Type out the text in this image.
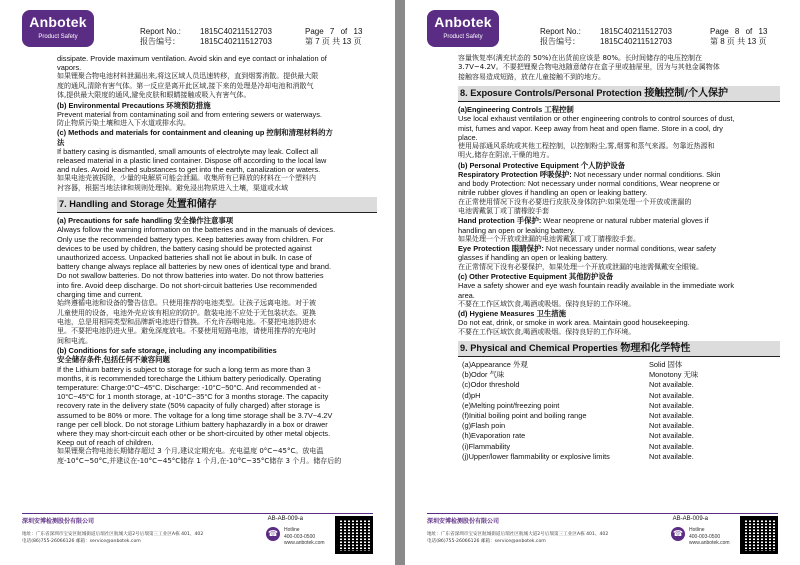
Anbotek
Product Safety
Report No.: 1815C40211512703
报告编号：	1815C40211512703
Page 7 of 13
第 7 页 共 13 页

dissipate. Provide maximum ventilation. Avoid skin and eye contact or inhalation of

vapors.

如果锂聚合物电池材料泄漏出来,将这区域人员迅速转移，直到烟雾消散。提供最大限

度的通风,清除有害气体。第一反应是离开此区域,接下来的处理是冷却电池和消散气

体,提供最大限度的通风,避免皮肤和眼睛接触或吸入有害气体。

(b) Environmental Precautions 环境预防措施

Prevent material from contaminating soil and from entering sewers or waterways.

防止物质污染土壤和进入下水道或排水沟。

(c) Methods and materials for containment and cleaning up 控制和清理材料的方

法

If battery casing is dismantled, small amounts of electrolyte may leak. Collect all

released material in a plastic lined container. Dispose off according to the local law

and rules. Avoid leached substances to get into the earth, canalization or waters.

如果电池壳被拆除，少量的电解质可能会泄漏。收集所有已释放的材料在一个塑料内

衬容器，根据当地法律和规则处理掉。避免浸出物质进入土壤，渠道或水域

7. Handling and Storage 处置和储存

(a) Precautions for safe handling 安全操作注意事项

Always follow the warning information on the batteries and in the manuals of devices.

Only use the recommended battery types. Keep batteries away from children. For

devices to be used by children, the battery casing should be protected against

unauthorized access. Unpacked batteries shall not lie about in bulk. In case of

battery change always replace all batteries by new ones of identical type and brand.

Do not swallow batteries. Do not throw batteries into water. Do not throw batteries

into fire. Avoid deep discharge. Do not short-circuit batteries Use recommended

charging time and current.

始终遵循电池和设备的警告信息。只使用推荐的电池类型。让孩子远离电池。对于被

儿童使用的设备，电池外壳应该有相应的防护。散装电池不应处于无包装状态。更换

电池，总是用相同类型和品牌新电池进行替换。不允许吞咽电池。不要把电池扔进水

里。不要把电池扔进火里。避免深度放电。不要使用短路电池，请使用推荐的充电时

间和电流。

(b) Conditions for safe storage, including any incompatibilities

安全储存条件,包括任何不兼容问题

If the Lithium battery is subject to storage for such a long term as more than 3

months, it is recommended torecharge the Lithium battery periodically. Operating

temperature: Charge:0°C~45°C. Discharge: -10°C~50°C. And recommended at -

10°C~45°C for 1 month storage, at -10°C~35°C for 3 months storage. The capacity

recovery rate in the delivery state (50% capacity of fully charged) after storage is

assumed to be 80% or more. The voltage for a long time storage shall be 3.7V~4.2V

range per cell block. Do not storage Lithium battery haphazardly in a box or drawer

where they may short-circuit each other or be short-circuited by other metal objects.

Keep out of reach of children.

如果锂聚合物电池长期储存超过 3 个月,建议定期充电。充电温度 0°C~45°C。放电温

度-10°C~50°C,并建议在-10°C~45°C储存 1 个月,在-10°C~35°C储存 3 个月。储存后的

深圳安博检测股份有限公司	AB-AB-009-a
地址：广东省深圳市宝安区航城街道后瑞社区航城大道2号后瑞第三工业区A栋 401、402
电话(86)755-26066126 邮箱：service@anbotek.com
☎	Hotline
400-003-0500
www.anbotek.com
Anbotek
Product Safety
Report No.: 1815C40211512703
报告编号：	1815C40211512703
Page 8 of 13
第 8 页 共 13 页

容量恢复率(满充状态的 50%)在出货前应该是 80%。长时间储存的电压控制在

3.7V~4.2V。不要把锂聚合物电池随意储存在盒子里或抽屉里，因为与其他金属物体

接触容易造成短路，放在儿童接触不到的地方。

8. Exposure Controls/Personal Protection 接触控制/个人保护

(a)Engineering Controls 工程控制

Use local exhaust ventilation or other engineering controls to control sources of dust,

mist, fumes and vapor. Keep away from heat and open flame. Store in a cool, dry

place.

使用局部通风系统或其他工程控制，以控制粉尘,雾,烟雾和蒸气来源。勿靠近热源和

明火,储存在阴凉,干燥的地方。

(b) Personal Protective Equipment 个人防护设备

Respiratory Protection 呼吸保护: Not necessary under normal conditions. Skin

and body Protection: Not necessary under normal conditions, Wear neoprene or

nitrile rubber gloves if handling an open or leaking battery.

在正常使用情况下没有必要进行皮肤及身体防护:如果处理一个开放或泄漏的

电池需戴氯丁或丁腈橡胶手套

Hand protection 手保护: Wear neoprene or natural rubber material gloves if

handling an open or leaking battery.

如果处理一个开放或泄漏的电池需戴氯丁或丁腈橡胶手套。

Eye Protection 眼睛保护: Not necessary under normal conditions, wear safety

glasses if handling an open or leaking battery.

在正常情况下没有必要保护，如果处理一个开放或泄漏的电池需佩戴安全眼镜。

(c) Other Protective Equipment 其他防护设备

Have a safety shower and eye wash fountain readily available in the immediate work

area.

不要在工作区域饮食,喝酒或吸烟。保持良好的工作环境。

(d) Hygiene Measures 卫生措施

Do not eat, drink, or smoke in work area. Maintain good housekeeping.

不要在工作区域饮食,喝酒或吸烟。保持良好的工作环境。

9. Physical and Chemical Properties 物理和化学特性
(a)Appearance 外观	Solid 固体
(b)Odor 气味	Monotony 无味
(c)Odor threshold	Not available.
(d)pH	Not available.
(e)Melting point/freezing point	Not available.
(f)Initial boiling point and boiling range	Not available.
(g)Flash poin	Not available.
(h)Evaporation rate	Not available.
(i)Flammability	Not available.
(j)Upper/lower flammability or explosive limits	Not available.
深圳安博检测股份有限公司	AB-AB-009-a
地址：广东省深圳市宝安区航城街道后瑞社区航城大道2号后瑞第三工业区A栋 401、402
电话(86)755-26066126 邮箱：service@anbotek.com
☎	Hotline
400-003-0500
www.anbotek.com
